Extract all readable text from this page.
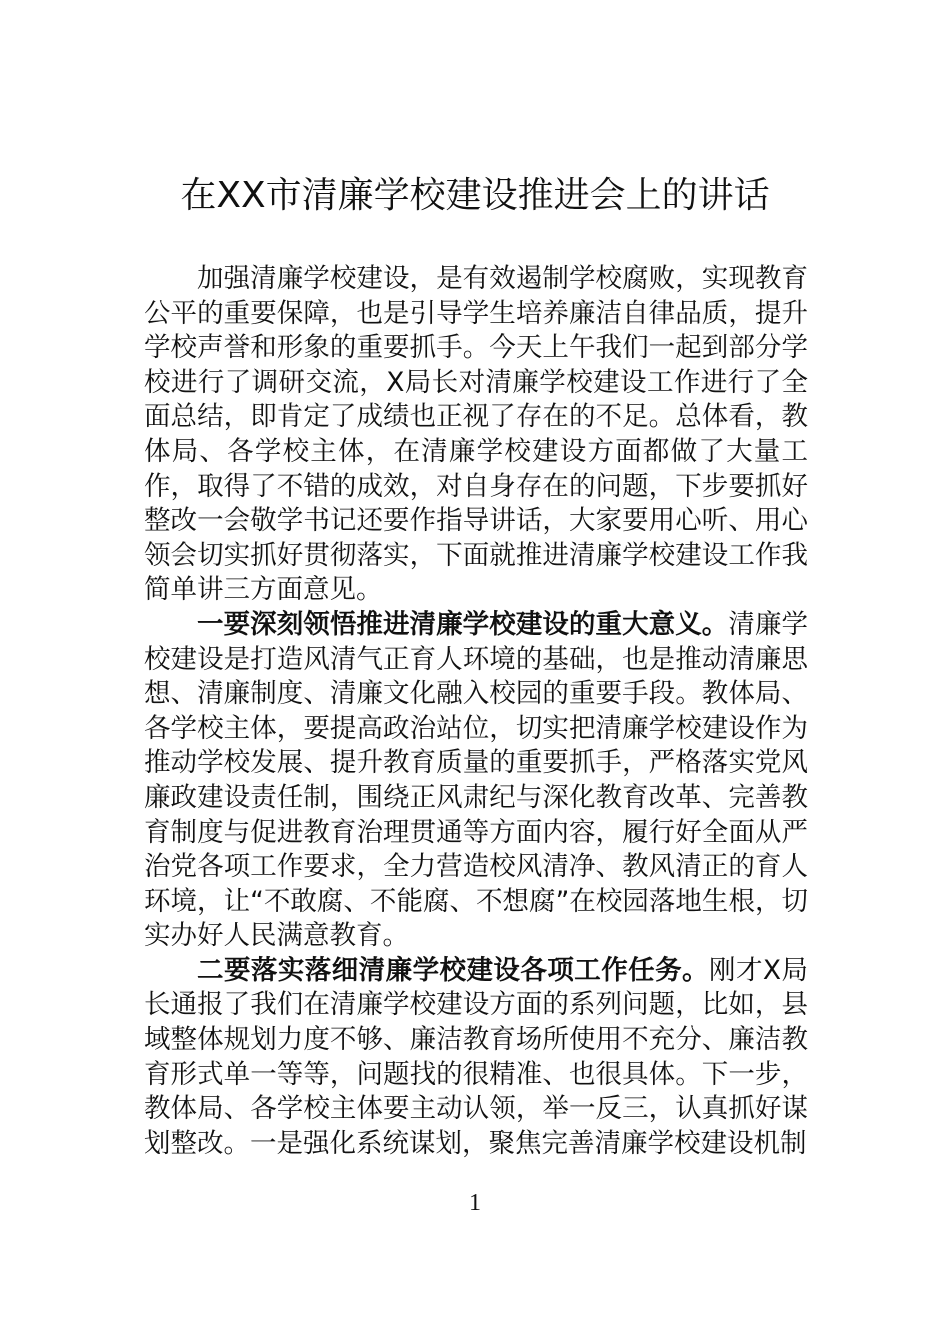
在XX市清廉学校建设推进会上的讲话

加强清廉学校建设，是有效遏制学校腐败，实现教育公平的重要保障，也是引导学生培养廉洁自律品质，提升学校声誉和形象的重要抓手。今天上午我们一起到部分学校进行了调研交流，X局长对清廉学校建设工作进行了全面总结，即肯定了成绩也正视了存在的不足。总体看，教体局、各学校主体，在清廉学校建设方面都做了大量工作，取得了不错的成效，对自身存在的问题，下步要抓好整改一会敬学书记还要作指导讲话，大家要用心听、用心领会切实抓好贯彻落实，下面就推进清廉学校建设工作我简单讲三方面意见。

一要深刻领悟推进清廉学校建设的重大意义。清廉学校建设是打造风清气正育人环境的基础，也是推动清廉思想、清廉制度、清廉文化融入校园的重要手段。教体局、各学校主体，要提高政治站位，切实把清廉学校建设作为推动学校发展、提升教育质量的重要抓手，严格落实党风廉政建设责任制，围绕正风肃纪与深化教育改革、完善教育制度与促进教育治理贯通等方面内容，履行好全面从严治党各项工作要求，全力营造校风清净、教风清正的育人环境，让“不敢腐、不能腐、不想腐”在校园落地生根，切实办好人民满意教育。

二要落实落细清廉学校建设各项工作任务。刚才X局长通报了我们在清廉学校建设方面的系列问题，比如，县域整体规划力度不够、廉洁教育场所使用不充分、廉洁教育形式单一等等，问题找的很精准、也很具体。下一步，教体局、各学校主体要主动认领，举一反三，认真抓好谋划整改。一是强化系统谋划，聚焦完善清廉学校建设机制

1
